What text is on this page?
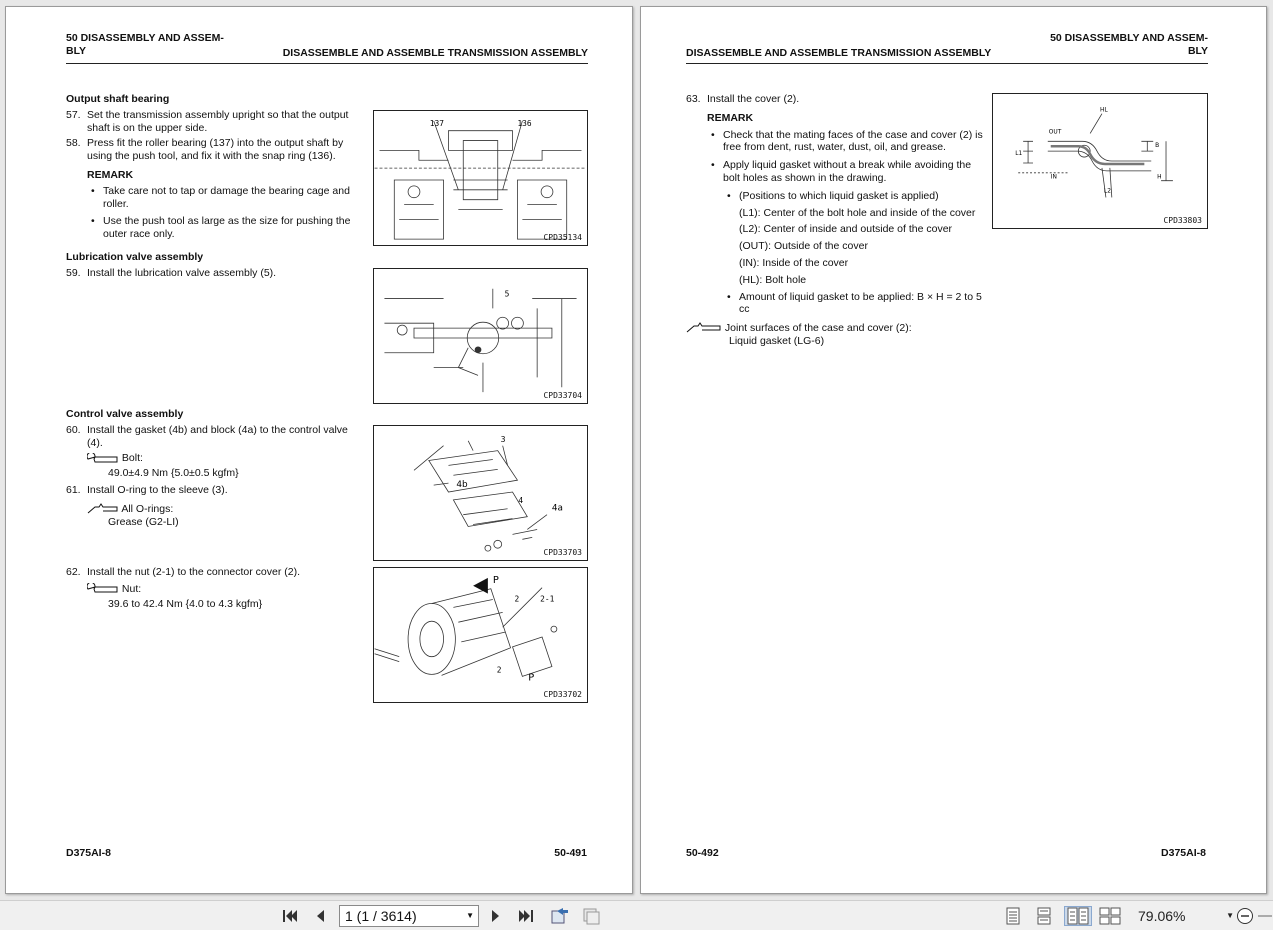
50 DISASSEMBLY AND ASSEM-
BLY	DISASSEMBLE AND ASSEMBLE TRANSMISSION ASSEMBLY
Output shaft bearing
57. Set the transmission assembly upright so that the output shaft is on the upper side.
58. Press fit the roller bearing (137) into the output shaft by using the push tool, and fix it with the snap ring (136).
REMARK
• Take care not to tap or damage the bearing cage and roller.
• Use the push tool as large as the size for pushing the outer race only.
Lubrication valve assembly
59. Install the lubrication valve assembly (5).
Control valve assembly
60. Install the gasket (4b) and block (4a) to the control valve (4).
Bolt:
49.0±4.9 Nm {5.0±0.5 kgfm}
61. Install O-ring to the sleeve (3).
All O-rings:
Grease (G2-LI)
62. Install the nut (2-1) to the connector cover (2).
Nut:
39.6 to 42.4 Nm {4.0 to 4.3 kgfm}
137	136
CPD35134
5
CPD33704
3
4b
4
4a
CPD33703
P
2	2-1
2
P
CPD33702
D375AI-8	50-491
DISASSEMBLE AND ASSEMBLE TRANSMISSION ASSEMBLY
50 DISASSEMBLY AND ASSEM-
BLY
63. Install the cover (2).
REMARK
• Check that the mating faces of the case and cover (2) is free from dent, rust, water, dust, oil, and grease.
• Apply liquid gasket without a break while avoiding the bolt holes as shown in the drawing.
• (Positions to which liquid gasket is applied)
(L1): Center of the bolt hole and inside of the cover
(L2): Center of inside and outside of the cover
(OUT): Outside of the cover
(IN): Inside of the cover
(HL): Bolt hole
• Amount of liquid gasket to be applied: B × H = 2 to 5 cc
Joint surfaces of the case and cover (2):
Liquid gasket (LG-6)
HL
OUT
IN
L1
L2
B
H
CPD33803
50-492	D375AI-8
1 (1 / 3614)	▼	79.06%	▼
